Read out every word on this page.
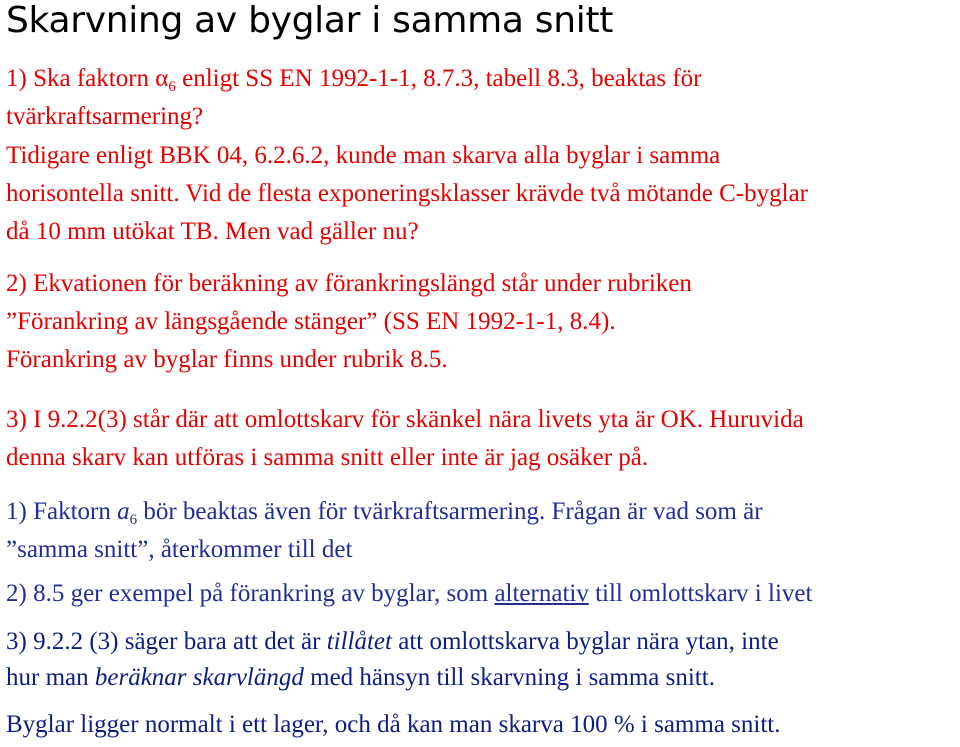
Skarvning av byglar i samma snitt
1) Ska faktorn $\alpha_6$ enligt SS EN 1992-1-1, 8.7.3, tabell 8.3, beaktas för
tvärkraftsarmering?
Tidigare enligt BBK 04, 6.2.6.2, kunde man skarva alla byglar i samma
horisontella snitt. Vid de flesta exponeringsklasser krävde två mötande C-byglar
då 10 mm utökat TB. Men vad gäller nu?
2) Ekvationen för beräkning av förankringslängd står under rubriken
”Förankring av längsgående stänger” (SS EN 1992-1-1, 8.4).
Förankring av byglar finns under rubrik 8.5.
3) I 9.2.2(3) står där att omlottskarv för skänkel nära livets yta är OK. Huruvida
denna skarv kan utföras i samma snitt eller inte är jag osäker på.
1) Faktorn $a_6$ bör beaktas även för tvärkraftsarmering. Frågan är vad som är
”samma snitt”, återkommer till det
2) 8.5 ger exempel på förankring av byglar, som alternativ till omlottskarv i livet
3) 9.2.2 (3) säger bara att det är tillåtet att omlottskarva byglar nära ytan, inte
hur man beräknar skarvlängd med hänsyn till skarvning i samma snitt.
Byglar ligger normalt i ett lager, och då kan man skarva 100 % i samma snitt.
